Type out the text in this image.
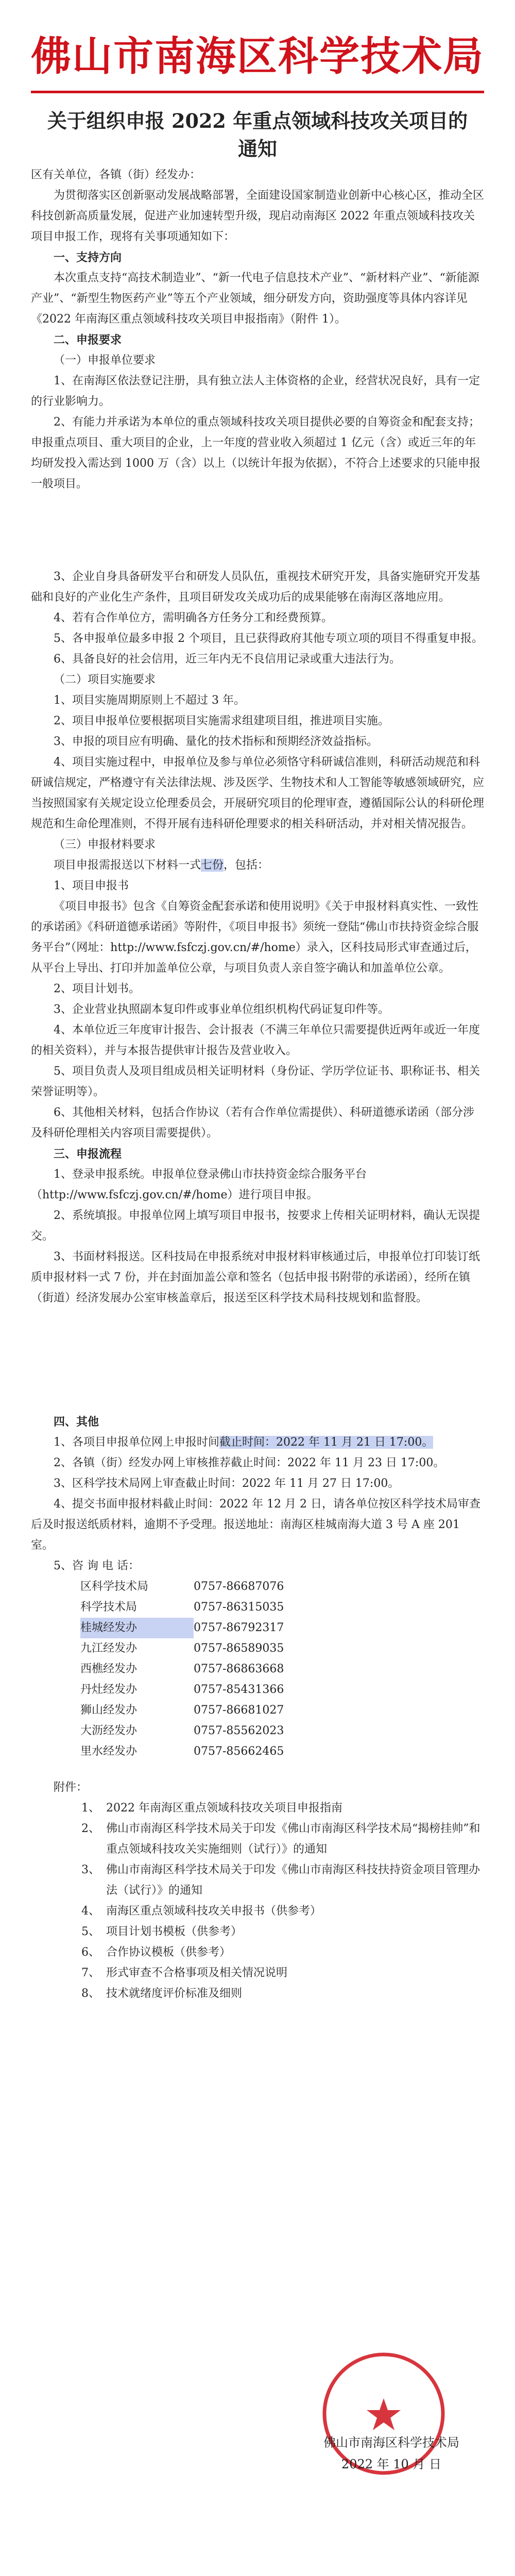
佛山市南海区科学技术局
关于组织申报 2022 年重点领域科技攻关项目的
通知

区有关单位，各镇（街）经发办：

为贯彻落实区创新驱动发展战略部署，全面建设国家制造业创新中心核心区，推动全区科技创新高质量发展，促进产业加速转型升级，现启动南海区 2022 年重点领域科技攻关项目申报工作，现将有关事项通知如下：

一、支持方向

本次重点支持“高技术制造业”、“新一代电子信息技术产业”、“新材料产业”、“新能源产业”、“新型生物医药产业”等五个产业领域，细分研发方向，资助强度等具体内容详见《2022 年南海区重点领域科技攻关项目申报指南》（附件 1）。

二、申报要求

（一）申报单位要求

1、在南海区依法登记注册，具有独立法人主体资格的企业，经营状况良好，具有一定的行业影响力。

2、有能力并承诺为本单位的重点领域科技攻关项目提供必要的自筹资金和配套支持；申报重点项目、重大项目的企业，上一年度的营业收入须超过 1 亿元（含）或近三年的年均研发投入需达到 1000 万（含）以上（以统计年报为依据），不符合上述要求的只能申报一般项目。

3、企业自身具备研发平台和研发人员队伍，重视技术研究开发，具备实施研究开发基础和良好的产业化生产条件，且项目研发攻关成功后的成果能够在南海区落地应用。

4、若有合作单位方，需明确各方任务分工和经费预算。

5、各申报单位最多申报 2 个项目，且已获得政府其他专项立项的项目不得重复申报。

6、具备良好的社会信用，近三年内无不良信用记录或重大违法行为。

（二）项目实施要求

1、项目实施周期原则上不超过 3 年。

2、项目申报单位要根据项目实施需求组建项目组，推进项目实施。

3、申报的项目应有明确、量化的技术指标和预期经济效益指标。

4、项目实施过程中，申报单位及参与单位必须恪守科研诚信准则，科研活动规范和科研诚信规定，严格遵守有关法律法规、涉及医学、生物技术和人工智能等敏感领域研究，应当按照国家有关规定设立伦理委员会，开展研究项目的伦理审查，遵循国际公认的科研伦理规范和生命伦理准则，不得开展有违科研伦理要求的相关科研活动，并对相关情况报告。

（三）申报材料要求

项目申报需报送以下材料一式七份，包括：

1、项目申报书

《项目申报书》包含《自筹资金配套承诺和使用说明》《关于申报材料真实性、一致性的承诺函》《科研道德承诺函》等附件，《项目申报书》须统一登陆“佛山市扶持资金综合服务平台”（网址：http://www.fsfczj.gov.cn/#/home）录入，区科技局形式审查通过后，从平台上导出、打印并加盖单位公章，与项目负责人亲自签字确认和加盖单位公章。

2、项目计划书。

3、企业营业执照副本复印件或事业单位组织机构代码证复印件等。

4、本单位近三年度审计报告、会计报表（不满三年单位只需要提供近两年或近一年度的相关资料），并与本报告提供审计报告及营业收入。

5、项目负责人及项目组成员相关证明材料（身份证、学历学位证书、职称证书、相关荣誉证明等）。

6、其他相关材料，包括合作协议（若有合作单位需提供）、科研道德承诺函（部分涉及科研伦理相关内容项目需要提供）。

三、申报流程

1、登录申报系统。申报单位登录佛山市扶持资金综合服务平台（http://www.fsfczj.gov.cn/#/home）进行项目申报。

2、系统填报。申报单位网上填写项目申报书，按要求上传相关证明材料，确认无误提交。

3、书面材料报送。区科技局在申报系统对申报材料审核通过后，申报单位打印装订纸质申报材料一式 7 份，并在封面加盖公章和签名（包括申报书附带的承诺函），经所在镇（街道）经济发展办公室审核盖章后，报送至区科学技术局科技规划和监督股。

四、其他

1、各项目申报单位网上申报时间截止时间：2022 年 11 月 21 日 17:00。

2、各镇（街）经发办网上审核推荐截止时间：2022 年 11 月 23 日 17:00。

3、区科学技术局网上审查截止时间：2022 年 11 月 27 日 17:00。

4、提交书面申报材料截止时间：2022 年 12 月 2 日，请各单位按区科学技术局审查后及时报送纸质材料，逾期不予受理。报送地址：南海区桂城南海大道 3 号 A 座 201 室。

5、咨 询 电 话：

区科学技术局	0757-86687076
科学技术局	0757-86315035
桂城经发办	0757-86792317
九江经发办	0757-86589035
西樵经发办	0757-86863668
丹灶经发办	0757-85431366
狮山经发办	0757-86681027
大沥经发办	0757-85562023
里水经发办	0757-85662465

附件：

1、 2022 年南海区重点领域科技攻关项目申报指南
2、 佛山市南海区科学技术局关于印发《佛山市南海区科学技术局“揭榜挂帅”和重点领域科技攻关实施细则（试行）》的通知
3、 佛山市南海区科学技术局关于印发《佛山市南海区科技扶持资金项目管理办法（试行）》的通知
4、 南海区重点领域科技攻关申报书（供参考）
5、 项目计划书模板（供参考）
6、 合作协议模板（供参考）
7、 形式审查不合格事项及相关情况说明
8、 技术就绪度评价标准及细则
佛山市南海区科学技术局
2022 年 10 月 日
